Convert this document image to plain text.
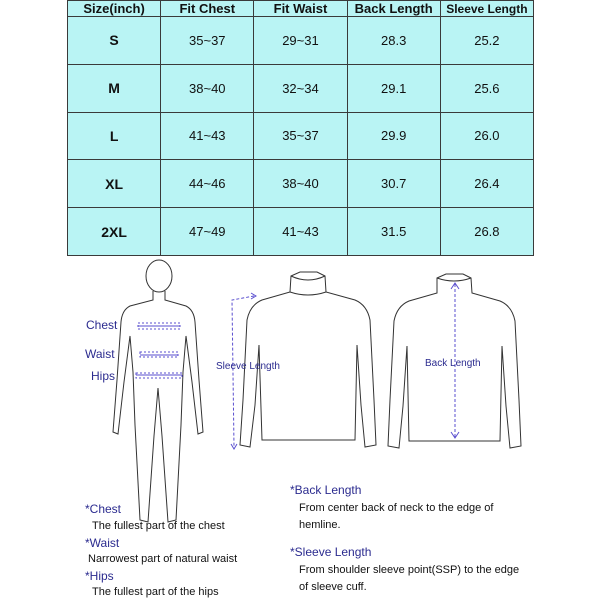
Size(inch)	Fit Chest	Fit Waist	Back Length	Sleeve Length
S	35~37	29~31	28.3	25.2
M	38~40	32~34	29.1	25.6
L	41~43	35~37	29.9	26.0
XL	44~46	38~40	30.7	26.4
2XL	47~49	41~43	31.5	26.8
Chest
Waist
Hips
Sleeve Length	Back Length
*Chest
The fullest part of the chest
*Waist
Narrowest part of natural waist
*Hips
The fullest part of the hips
*Back Length
From center back of neck to the edge of
hemline.
*Sleeve Length
From shoulder sleeve point(SSP) to the edge
of sleeve cuff.
